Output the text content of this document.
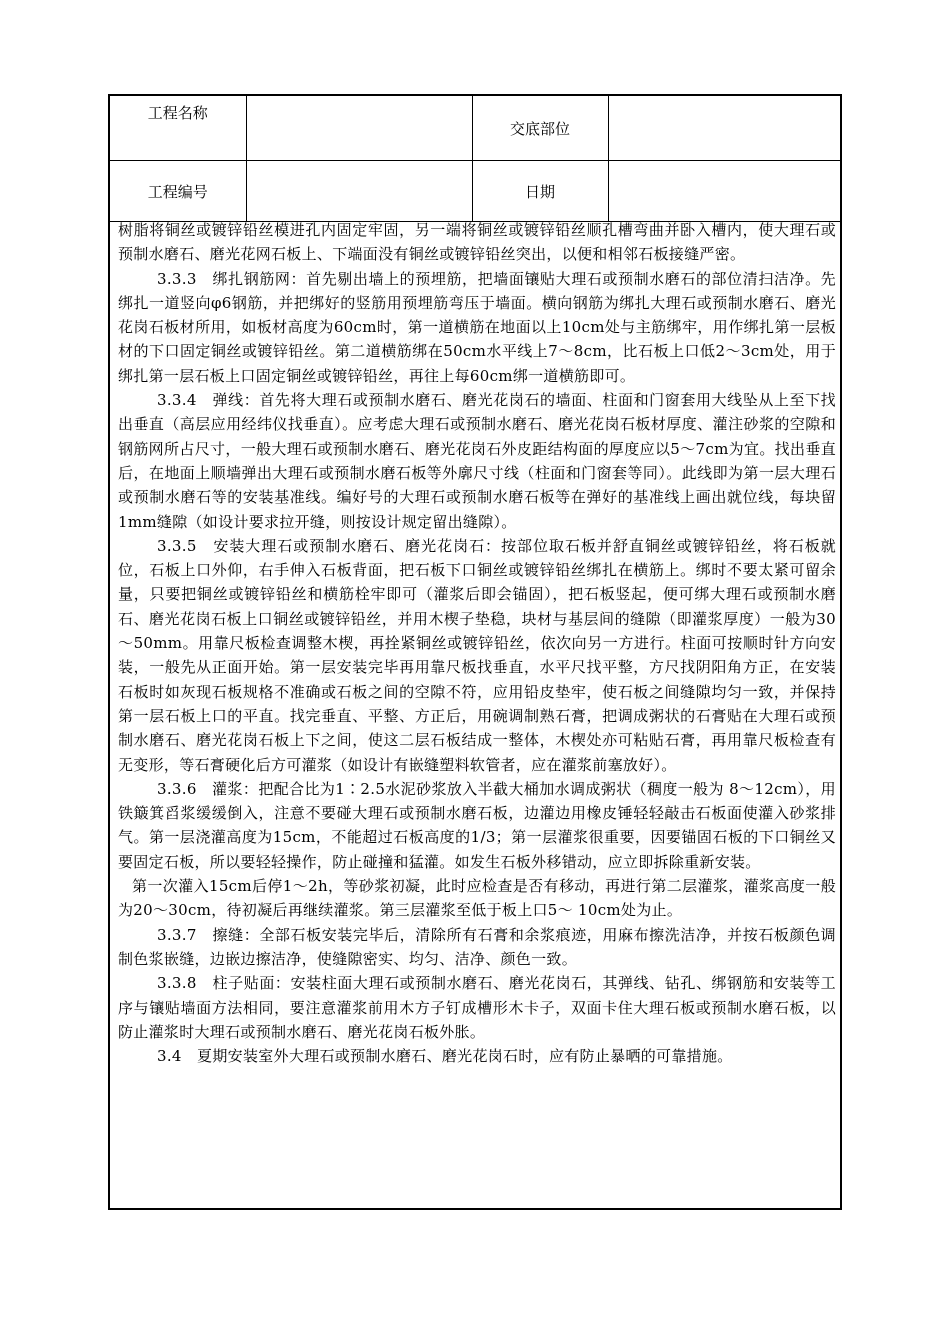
工程名称		交底部位	
工程编号		日期	

树脂将铜丝或镀锌铅丝模进孔内固定牢固，另一端将铜丝或镀锌铅丝顺孔槽弯曲并卧入槽内，使大理石或预制水磨石、磨光花网石板上、下端面没有铜丝或镀锌铅丝突出，以便和相邻石板接缝严密。

3.3.3　绑扎钢筋网：首先剔出墙上的预埋筋，把墙面镶贴大理石或预制水磨石的部位清扫洁净。先绑扎一道竖向φ6钢筋，并把绑好的竖筋用预埋筋弯压于墙面。横向钢筋为绑扎大理石或预制水磨石、磨光花岗石板材所用，如板材高度为60cm时，第一道横筋在地面以上10cm处与主筋绑牢，用作绑扎第一层板材的下口固定铜丝或镀锌铅丝。第二道横筋绑在50cm水平线上7～8cm，比石板上口低2～3cm处，用于绑扎第一层石板上口固定铜丝或镀锌铅丝，再往上每60cm绑一道横筋即可。

3.3.4　弹线：首先将大理石或预制水磨石、磨光花岗石的墙面、柱面和门窗套用大线坠从上至下找出垂直（高层应用经纬仪找垂直）。应考虑大理石或预制水磨石、磨光花岗石板材厚度、灌注砂浆的空隙和钢筋网所占尺寸，一般大理石或预制水磨石、磨光花岗石外皮距结构面的厚度应以5～7cm为宜。找出垂直后，在地面上顺墙弹出大理石或预制水磨石板等外廓尺寸线（柱面和门窗套等同）。此线即为第一层大理石或预制水磨石等的安装基准线。编好号的大理石或预制水磨石板等在弹好的基准线上画出就位线，每块留1mm缝隙（如设计要求拉开缝，则按设计规定留出缝隙）。

3.3.5　安装大理石或预制水磨石、磨光花岗石：按部位取石板并舒直铜丝或镀锌铅丝，将石板就位，石板上口外仰，右手伸入石板背面，把石板下口铜丝或镀锌铅丝绑扎在横筋上。绑时不要太紧可留余量，只要把铜丝或镀锌铅丝和横筋栓牢即可（灌浆后即会锚固），把石板竖起，便可绑大理石或预制水磨石、磨光花岗石板上口铜丝或镀锌铅丝，并用木楔子垫稳，块材与基层间的缝隙（即灌浆厚度）一般为30～50mm。用靠尺板检查调整木楔，再拴紧铜丝或镀锌铅丝，依次向另一方进行。柱面可按顺时针方向安装，一般先从正面开始。第一层安装完毕再用靠尺板找垂直，水平尺找平整，方尺找阴阳角方正，在安装石板时如灰现石板规格不准确或石板之间的空隙不符，应用铅皮垫牢，使石板之间缝隙均匀一致，并保持第一层石板上口的平直。找完垂直、平整、方正后，用碗调制熟石膏，把调成粥状的石膏贴在大理石或预制水磨石、磨光花岗石板上下之间，使这二层石板结成一整体，木楔处亦可粘贴石膏，再用靠尺板检查有无变形，等石膏硬化后方可灌浆（如设计有嵌缝塑料软管者，应在灌浆前塞放好）。

3.3.6　灌浆：把配合比为1∶2.5水泥砂浆放入半截大桶加水调成粥状（稠度一般为 8～12cm），用铁簸箕舀浆缓缓倒入，注意不要碰大理石或预制水磨石板，边灌边用橡皮锤轻轻敲击石板面使灌入砂浆排气。第一层浇灌高度为15cm，不能超过石板高度的1/3；第一层灌浆很重要，因要锚固石板的下口铜丝又要固定石板，所以要轻轻操作，防止碰撞和猛灌。如发生石板外移错动，应立即拆除重新安装。

第一次灌入15cm后停1～2h，等砂浆初凝，此时应检查是否有移动，再进行第二层灌浆，灌浆高度一般为20～30cm，待初凝后再继续灌浆。第三层灌浆至低于板上口5～ 10cm处为止。

3.3.7　擦缝：全部石板安装完毕后，清除所有石膏和余浆痕迹，用麻布擦洗洁净，并按石板颜色调制色浆嵌缝，边嵌边擦洁净，使缝隙密实、均匀、洁净、颜色一致。

3.3.8　柱子贴面：安装柱面大理石或预制水磨石、磨光花岗石，其弹线、钻孔、绑钢筋和安装等工序与镶贴墙面方法相同，要注意灌浆前用木方子钉成槽形木卡子，双面卡住大理石板或预制水磨石板，以防止灌浆时大理石或预制水磨石、磨光花岗石板外胀。

3.4　夏期安装室外大理石或预制水磨石、磨光花岗石时，应有防止暴晒的可靠措施。
